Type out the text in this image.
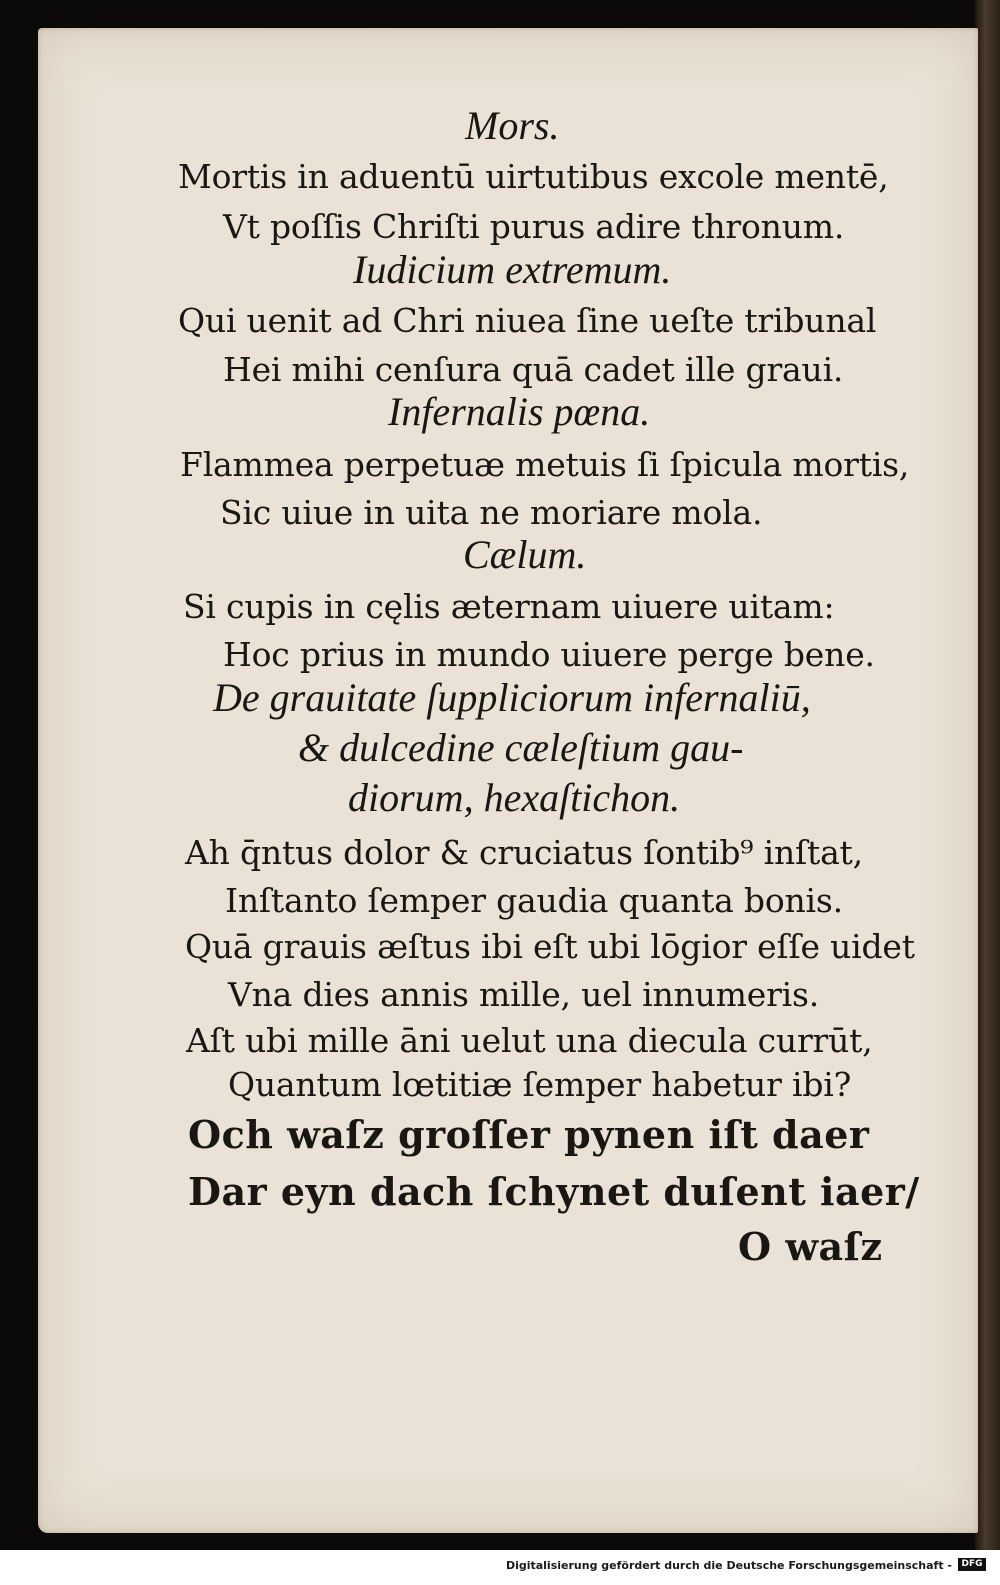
Mors.
Mortis in aduentū uirtutibus excole mentē,
Vt poſſis Chriſti purus adire thronum.
Iudicium extremum.
Qui uenit ad Chri niuea ſine ueſte tribunal
Hei mihi cenſura quā cadet ille graui.
Infernalis pœna.
Flammea perpetuæ metuis ſi ſpicula mortis,
Sic uiue in uita ne moriare mola.
Cælum.
Si cupis in cęlis æternam uiuere uitam:
Hoc prius in mundo uiuere perge bene.
De grauitate ſuppliciorum infernaliū,
& dulcedine cæleſtium gau-
diorum, hexaſtichon.
Ah q̄ntus dolor & cruciatus ſontib⁹ inſtat,
Inſtanto ſemper gaudia quanta bonis.
Quā grauis æſtus ibi eſt ubi lōgior eſſe uidet
Vna dies annis mille, uel innumeris.
Aſt ubi mille āni uelut una diecula currūt,
Quantum lœtitiæ ſemper habetur ibi?
Och waſz groſſer pynen iſt daer
Dar eyn dach ſchynet duſent iaer/
O waſz
Digitalisierung gefördert durch die Deutsche Forschungsgemeinschaft -	DFG
